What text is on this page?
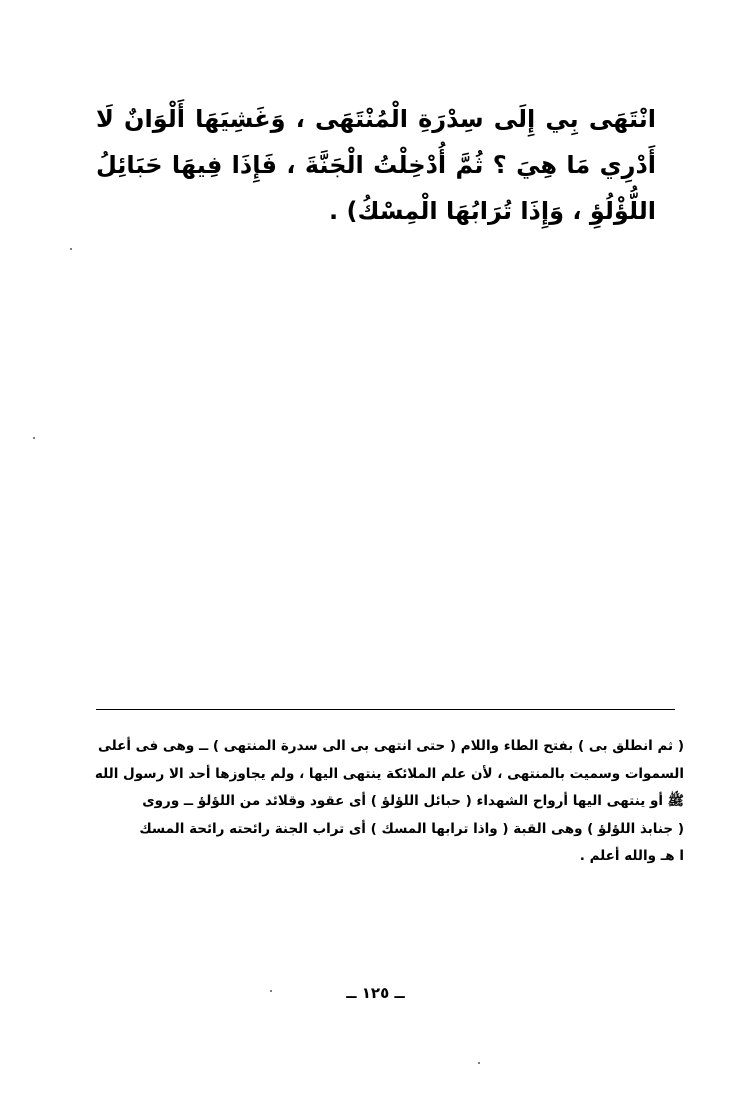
انْتَهَى بِي إِلَى سِدْرَةِ الْمُنْتَهَى ، وَغَشِيَهَا أَلْوَانٌ لَا أَدْرِي مَا هِيَ ؟ ثُمَّ أُدْخِلْتُ الْجَنَّةَ ، فَإِذَا فِيهَا حَبَائِلُ اللُّؤْلُؤِ ، وَإِذَا تُرَابُهَا الْمِسْكُ) .
( ثم انطلق بى ) بفتح الطاء واللام ( حتى انتهى بى الى سدرة المنتهى ) ــ وهى فى أعلى
السموات وسميت بالمنتهى ، لأن علم الملائكة ينتهى اليها ، ولم يجاوزها أحد الا رسول الله
ﷺ أو ينتهى اليها أرواح الشهداء ( حبائل اللؤلؤ ) أى عقود وقلائد من اللؤلؤ ــ وروى
( جنابذ اللؤلؤ ) وهى القبة ( واذا ترابها المسك ) أى تراب الجنة رائحته رائحة المسك
ا هـ والله أعلم .
ــ ١٢٥ ــ
